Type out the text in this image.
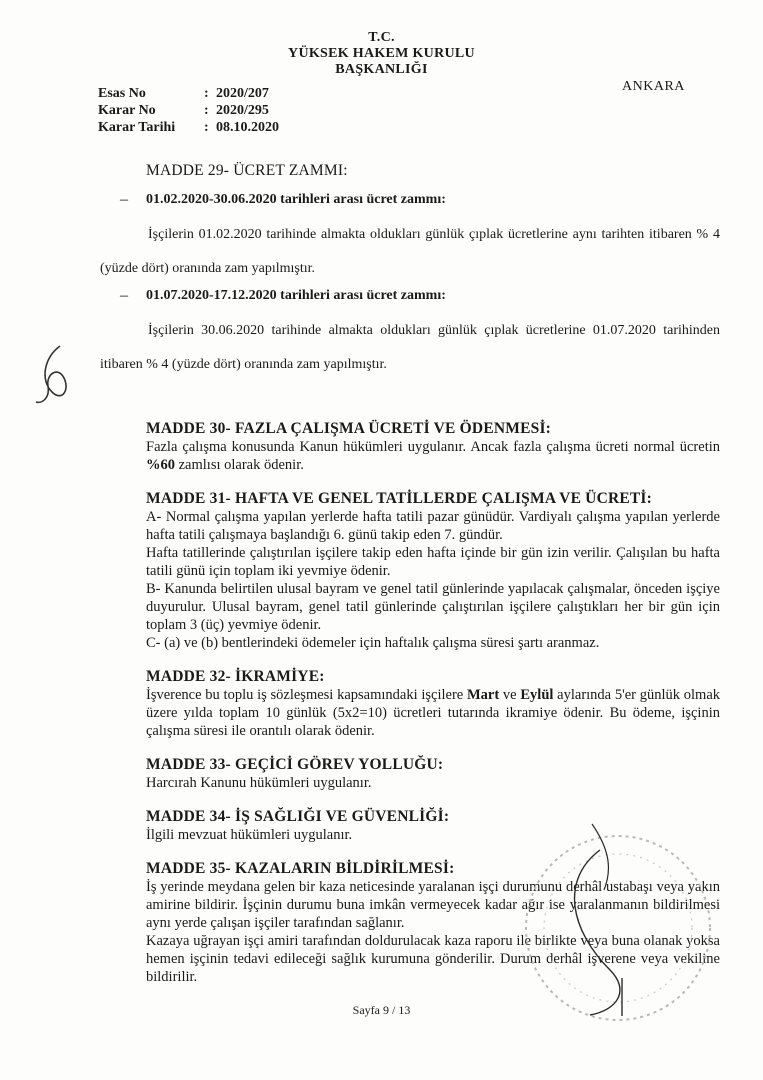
T.C.
YÜKSEK HAKEM KURULU
BAŞKANLIĞI
Esas No	: 2020/207
Karar No	: 2020/295
Karar Tarihi : 08.10.2020
ANKARA
MADDE 29- ÜCRET ZAMMI:
– 01.02.2020-30.06.2020 tarihleri arası ücret zammı:

İşçilerin 01.02.2020 tarihinde almakta oldukları günlük çıplak ücretlerine aynı tarihten itibaren % 4 (yüzde dört) oranında zam yapılmıştır.

– 01.07.2020-17.12.2020 tarihleri arası ücret zammı:

İşçilerin 30.06.2020 tarihinde almakta oldukları günlük çıplak ücretlerine 01.07.2020 tarihinden itibaren % 4 (yüzde dört) oranında zam yapılmıştır.

MADDE 30- FAZLA ÇALIŞMA ÜCRETİ VE ÖDENMESİ:

Fazla çalışma konusunda Kanun hükümleri uygulanır. Ancak fazla çalışma ücreti normal ücretin %60 zamlısı olarak ödenir.

MADDE 31- HAFTA VE GENEL TATİLLERDE ÇALIŞMA VE ÜCRETİ:

A- Normal çalışma yapılan yerlerde hafta tatili pazar günüdür. Vardiyalı çalışma yapılan yerlerde hafta tatili çalışmaya başlandığı 6. günü takip eden 7. gündür.

Hafta tatillerinde çalıştırılan işçilere takip eden hafta içinde bir gün izin verilir. Çalışılan bu hafta tatili günü için toplam iki yevmiye ödenir.

B- Kanunda belirtilen ulusal bayram ve genel tatil günlerinde yapılacak çalışmalar, önceden işçiye duyurulur. Ulusal bayram, genel tatil günlerinde çalıştırılan işçilere çalıştıkları her bir gün için toplam 3 (üç) yevmiye ödenir.

C- (a) ve (b) bentlerindeki ödemeler için haftalık çalışma süresi şartı aranmaz.

MADDE 32- İKRAMİYE:

İşverence bu toplu iş sözleşmesi kapsamındaki işçilere Mart ve Eylül aylarında 5'er günlük olmak üzere yılda toplam 10 günlük (5x2=10) ücretleri tutarında ikramiye ödenir. Bu ödeme, işçinin çalışma süresi ile orantılı olarak ödenir.

MADDE 33- GEÇİCİ GÖREV YOLLUĞU:

Harcırah Kanunu hükümleri uygulanır.

MADDE 34- İŞ SAĞLIĞI VE GÜVENLİĞİ:

İlgili mevzuat hükümleri uygulanır.

MADDE 35- KAZALARIN BİLDİRİLMESİ:

İş yerinde meydana gelen bir kaza neticesinde yaralanan işçi durumunu derhâl ustabaşı veya yakın amirine bildirir. İşçinin durumu buna imkân vermeyecek kadar ağır ise yaralanmanın bildirilmesi aynı yerde çalışan işçiler tarafından sağlanır.

Kazaya uğrayan işçi amiri tarafından doldurulacak kaza raporu ile birlikte veya buna olanak yoksa hemen işçinin tedavi edileceği sağlık kurumuna gönderilir. Durum derhâl işverene veya vekiline bildirilir.

Sayfa 9 / 13
